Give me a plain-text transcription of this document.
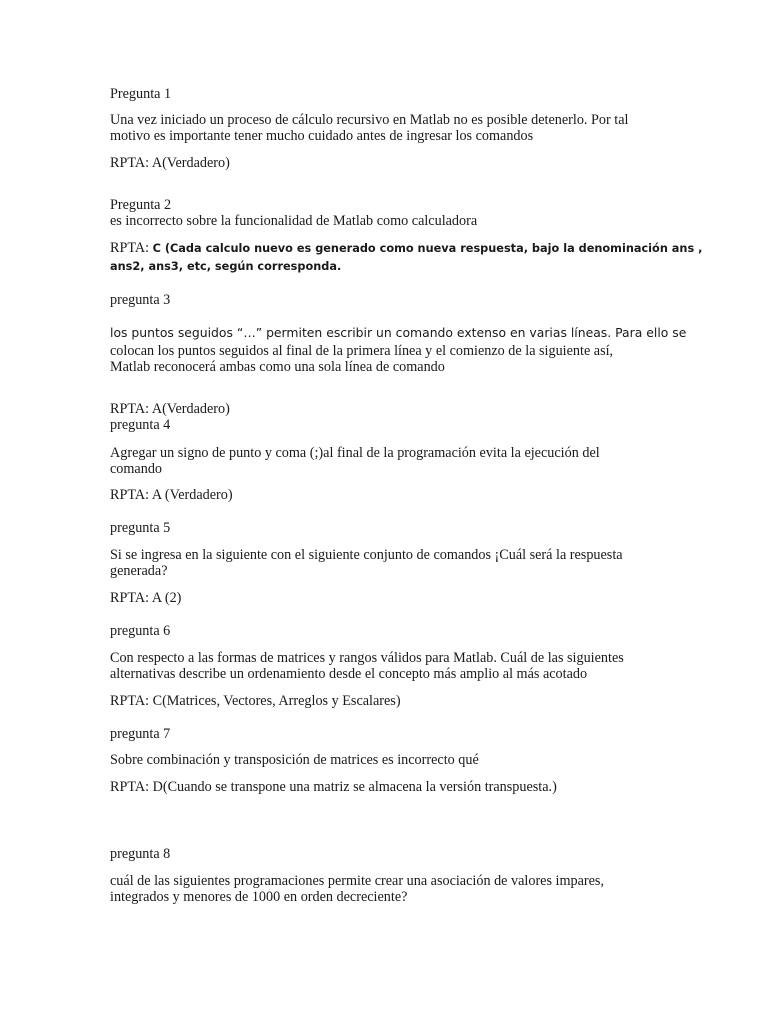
Pregunta 1

Una vez iniciado un proceso de cálculo recursivo en Matlab no es posible detenerlo. Por tal

motivo es importante tener mucho cuidado antes de ingresar los comandos

RPTA: A(Verdadero)

Pregunta 2

es incorrecto sobre la funcionalidad de Matlab como calculadora

RPTA: C (Cada calculo nuevo es generado como nueva respuesta, bajo la denominación ans ,

ans2, ans3, etc, según corresponda.

pregunta 3

los puntos seguidos “…” permiten escribir un comando extenso en varias líneas. Para ello se

colocan los puntos seguidos al final de la primera línea y el comienzo de la siguiente así,

Matlab reconocerá ambas como una sola línea de comando

RPTA: A(Verdadero)

pregunta 4

Agregar un signo de punto y coma (;)al final de la programación evita la ejecución del

comando

RPTA: A (Verdadero)

pregunta 5

Si se ingresa en la siguiente con el siguiente conjunto de comandos ¡Cuál será la respuesta

generada?

RPTA: A (2)

pregunta 6

Con respecto a las formas de matrices y rangos válidos para Matlab. Cuál de las siguientes

alternativas describe un ordenamiento desde el concepto más amplio al más acotado

RPTA: C(Matrices, Vectores, Arreglos y Escalares)

pregunta 7

Sobre combinación y transposición de matrices es incorrecto qué

RPTA: D(Cuando se transpone una matriz se almacena la versión transpuesta.)

pregunta 8

cuál de las siguientes programaciones permite crear una asociación de valores impares,

integrados y menores de 1000 en orden decreciente?
